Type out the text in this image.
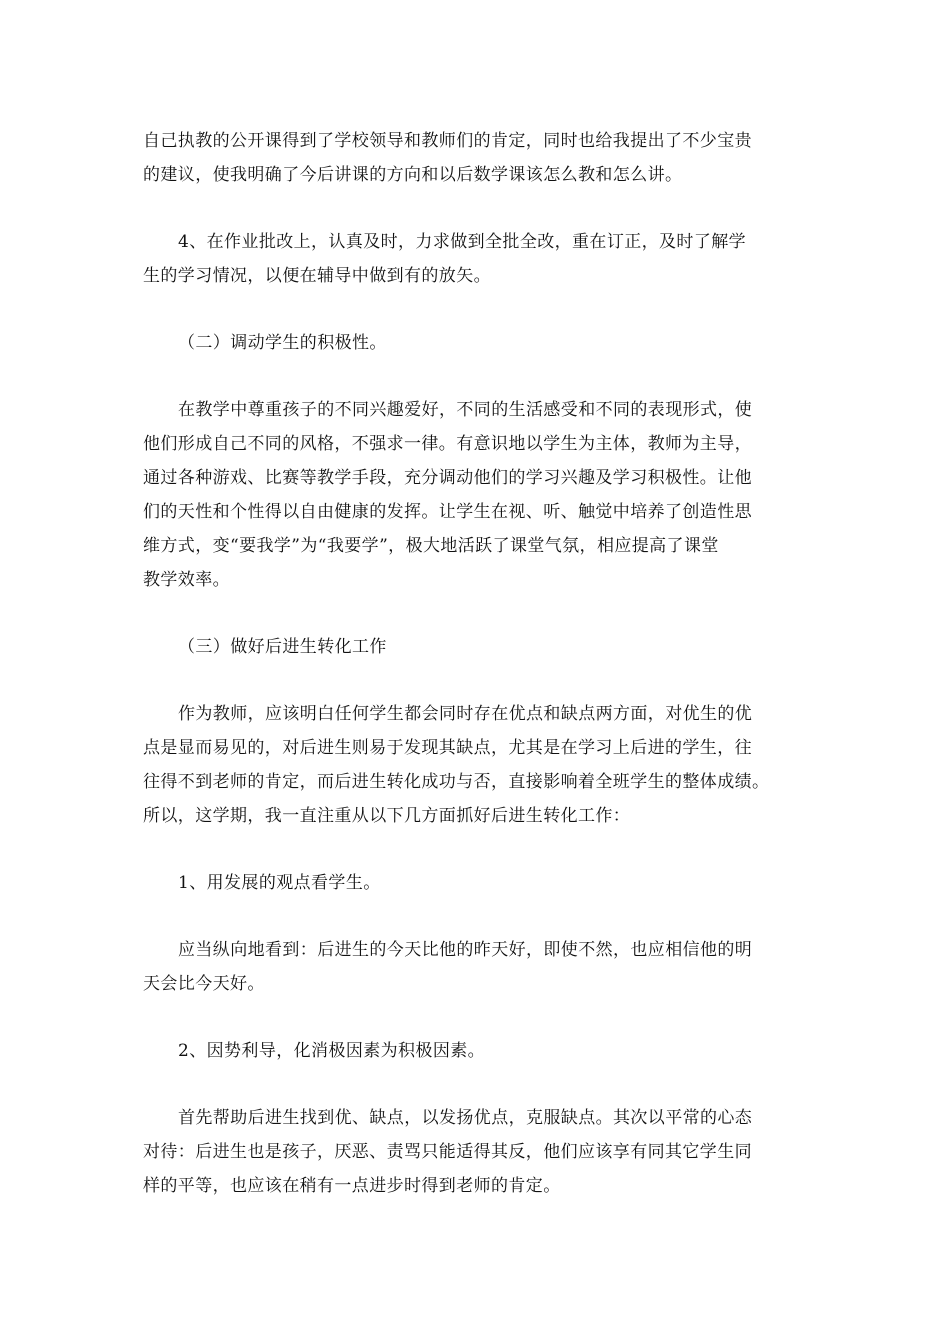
自己执教的公开课得到了学校领导和教师们的肯定，同时也给我提出了不少宝贵
的建议，使我明确了今后讲课的方向和以后数学课该怎么教和怎么讲。

4、在作业批改上，认真及时，力求做到全批全改，重在订正，及时了解学
生的学习情况，以便在辅导中做到有的放矢。

（二）调动学生的积极性。

在教学中尊重孩子的不同兴趣爱好，不同的生活感受和不同的表现形式，使
他们形成自己不同的风格，不强求一律。有意识地以学生为主体，教师为主导，
通过各种游戏、比赛等教学手段，充分调动他们的学习兴趣及学习积极性。让他
们的天性和个性得以自由健康的发挥。让学生在视、听、触觉中培养了创造性思
维方式，变“要我学”为“我要学”，极大地活跃了课堂气氛，相应提高了课堂
教学效率。

（三）做好后进生转化工作

作为教师，应该明白任何学生都会同时存在优点和缺点两方面，对优生的优
点是显而易见的，对后进生则易于发现其缺点，尤其是在学习上后进的学生，往
往得不到老师的肯定，而后进生转化成功与否，直接影响着全班学生的整体成绩。
所以，这学期，我一直注重从以下几方面抓好后进生转化工作：

1、用发展的观点看学生。

应当纵向地看到：后进生的今天比他的昨天好，即使不然，也应相信他的明
天会比今天好。

2、因势利导，化消极因素为积极因素。

首先帮助后进生找到优、缺点，以发扬优点，克服缺点。其次以平常的心态
对待：后进生也是孩子，厌恶、责骂只能适得其反，他们应该享有同其它学生同
样的平等，也应该在稍有一点进步时得到老师的肯定。
